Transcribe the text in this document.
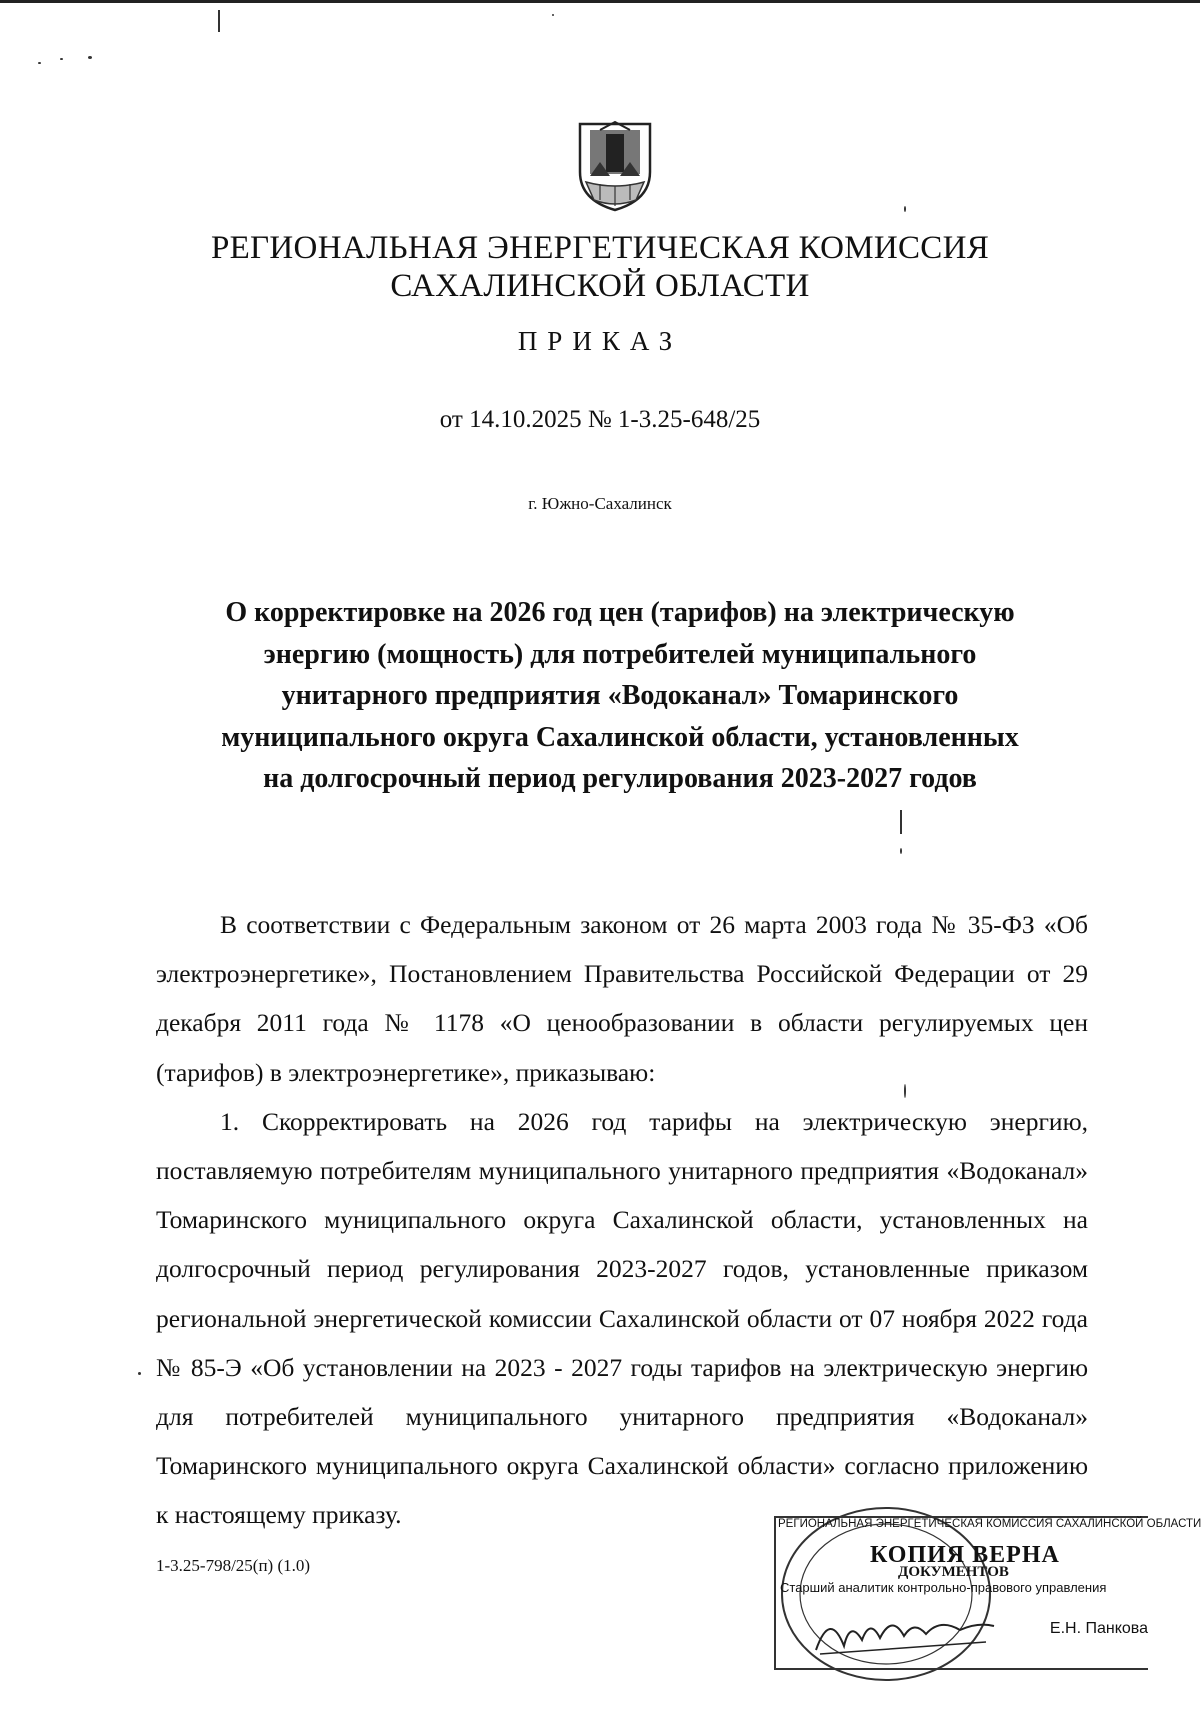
РЕГИОНАЛЬНАЯ ЭНЕРГЕТИЧЕСКАЯ КОМИССИЯ
САХАЛИНСКОЙ ОБЛАСТИ
ПРИКАЗ
от 14.10.2025 № 1-3.25-648/25
г. Южно-Сахалинск
О корректировке на 2026 год цен (тарифов) на электрическую
энергию (мощность) для потребителей муниципального
унитарного предприятия «Водоканал» Томаринского
муниципального округа Сахалинской области, установленных
на долгосрочный период регулирования 2023-2027 годов

В соответствии с Федеральным законом от 26 марта 2003 года № 35-ФЗ «Об электроэнергетике», Постановлением Правительства Российской Федерации от 29 декабря 2011 года № 1178 «О ценообразовании в области регулируемых цен (тарифов) в электроэнергетике», приказываю:

1. Скорректировать на 2026 год тарифы на электрическую энергию, поставляемую потребителям муниципального унитарного предприятия «Водоканал» Томаринского муниципального округа Сахалинской области, установленных на долгосрочный период регулирования 2023-2027 годов, установленные приказом региональной энергетической комиссии Сахалинской области от 07 ноября 2022 года № 85-Э «Об установлении на 2023 - 2027 годы тарифов на электрическую энергию для потребителей муниципального унитарного предприятия «Водоканал» Томаринского муниципального округа Сахалинской области» согласно приложению к настоящему приказу.

1-3.25-798/25(п) (1.0)
РЕГИОНАЛЬНАЯ ЭНЕРГЕТИЧЕСКАЯ КОМИССИЯ САХАЛИНСКОЙ ОБЛАСТИ
КОПИЯ ВЕРНА
ДОКУМЕНТОВ
Старший аналитик контрольно-правового управления
Е.Н. Панкова
